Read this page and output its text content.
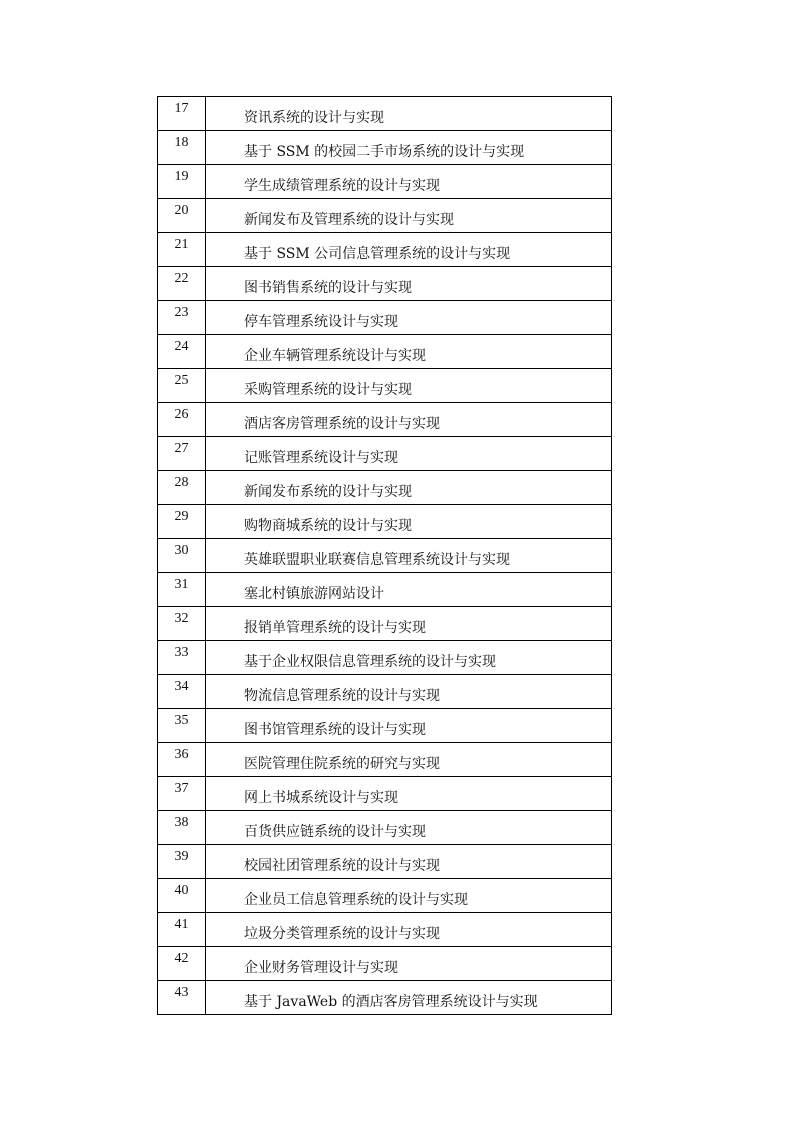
17	资讯系统的设计与实现
18	基于 SSM 的校园二手市场系统的设计与实现
19	学生成绩管理系统的设计与实现
20	新闻发布及管理系统的设计与实现
21	基于 SSM 公司信息管理系统的设计与实现
22	图书销售系统的设计与实现
23	停车管理系统设计与实现
24	企业车辆管理系统设计与实现
25	采购管理系统的设计与实现
26	酒店客房管理系统的设计与实现
27	记账管理系统设计与实现
28	新闻发布系统的设计与实现
29	购物商城系统的设计与实现
30	英雄联盟职业联赛信息管理系统设计与实现
31	塞北村镇旅游网站设计
32	报销单管理系统的设计与实现
33	基于企业权限信息管理系统的设计与实现
34	物流信息管理系统的设计与实现
35	图书馆管理系统的设计与实现
36	医院管理住院系统的研究与实现
37	网上书城系统设计与实现
38	百货供应链系统的设计与实现
39	校园社团管理系统的设计与实现
40	企业员工信息管理系统的设计与实现
41	垃圾分类管理系统的设计与实现
42	企业财务管理设计与实现
43	基于 JavaWeb 的酒店客房管理系统设计与实现
